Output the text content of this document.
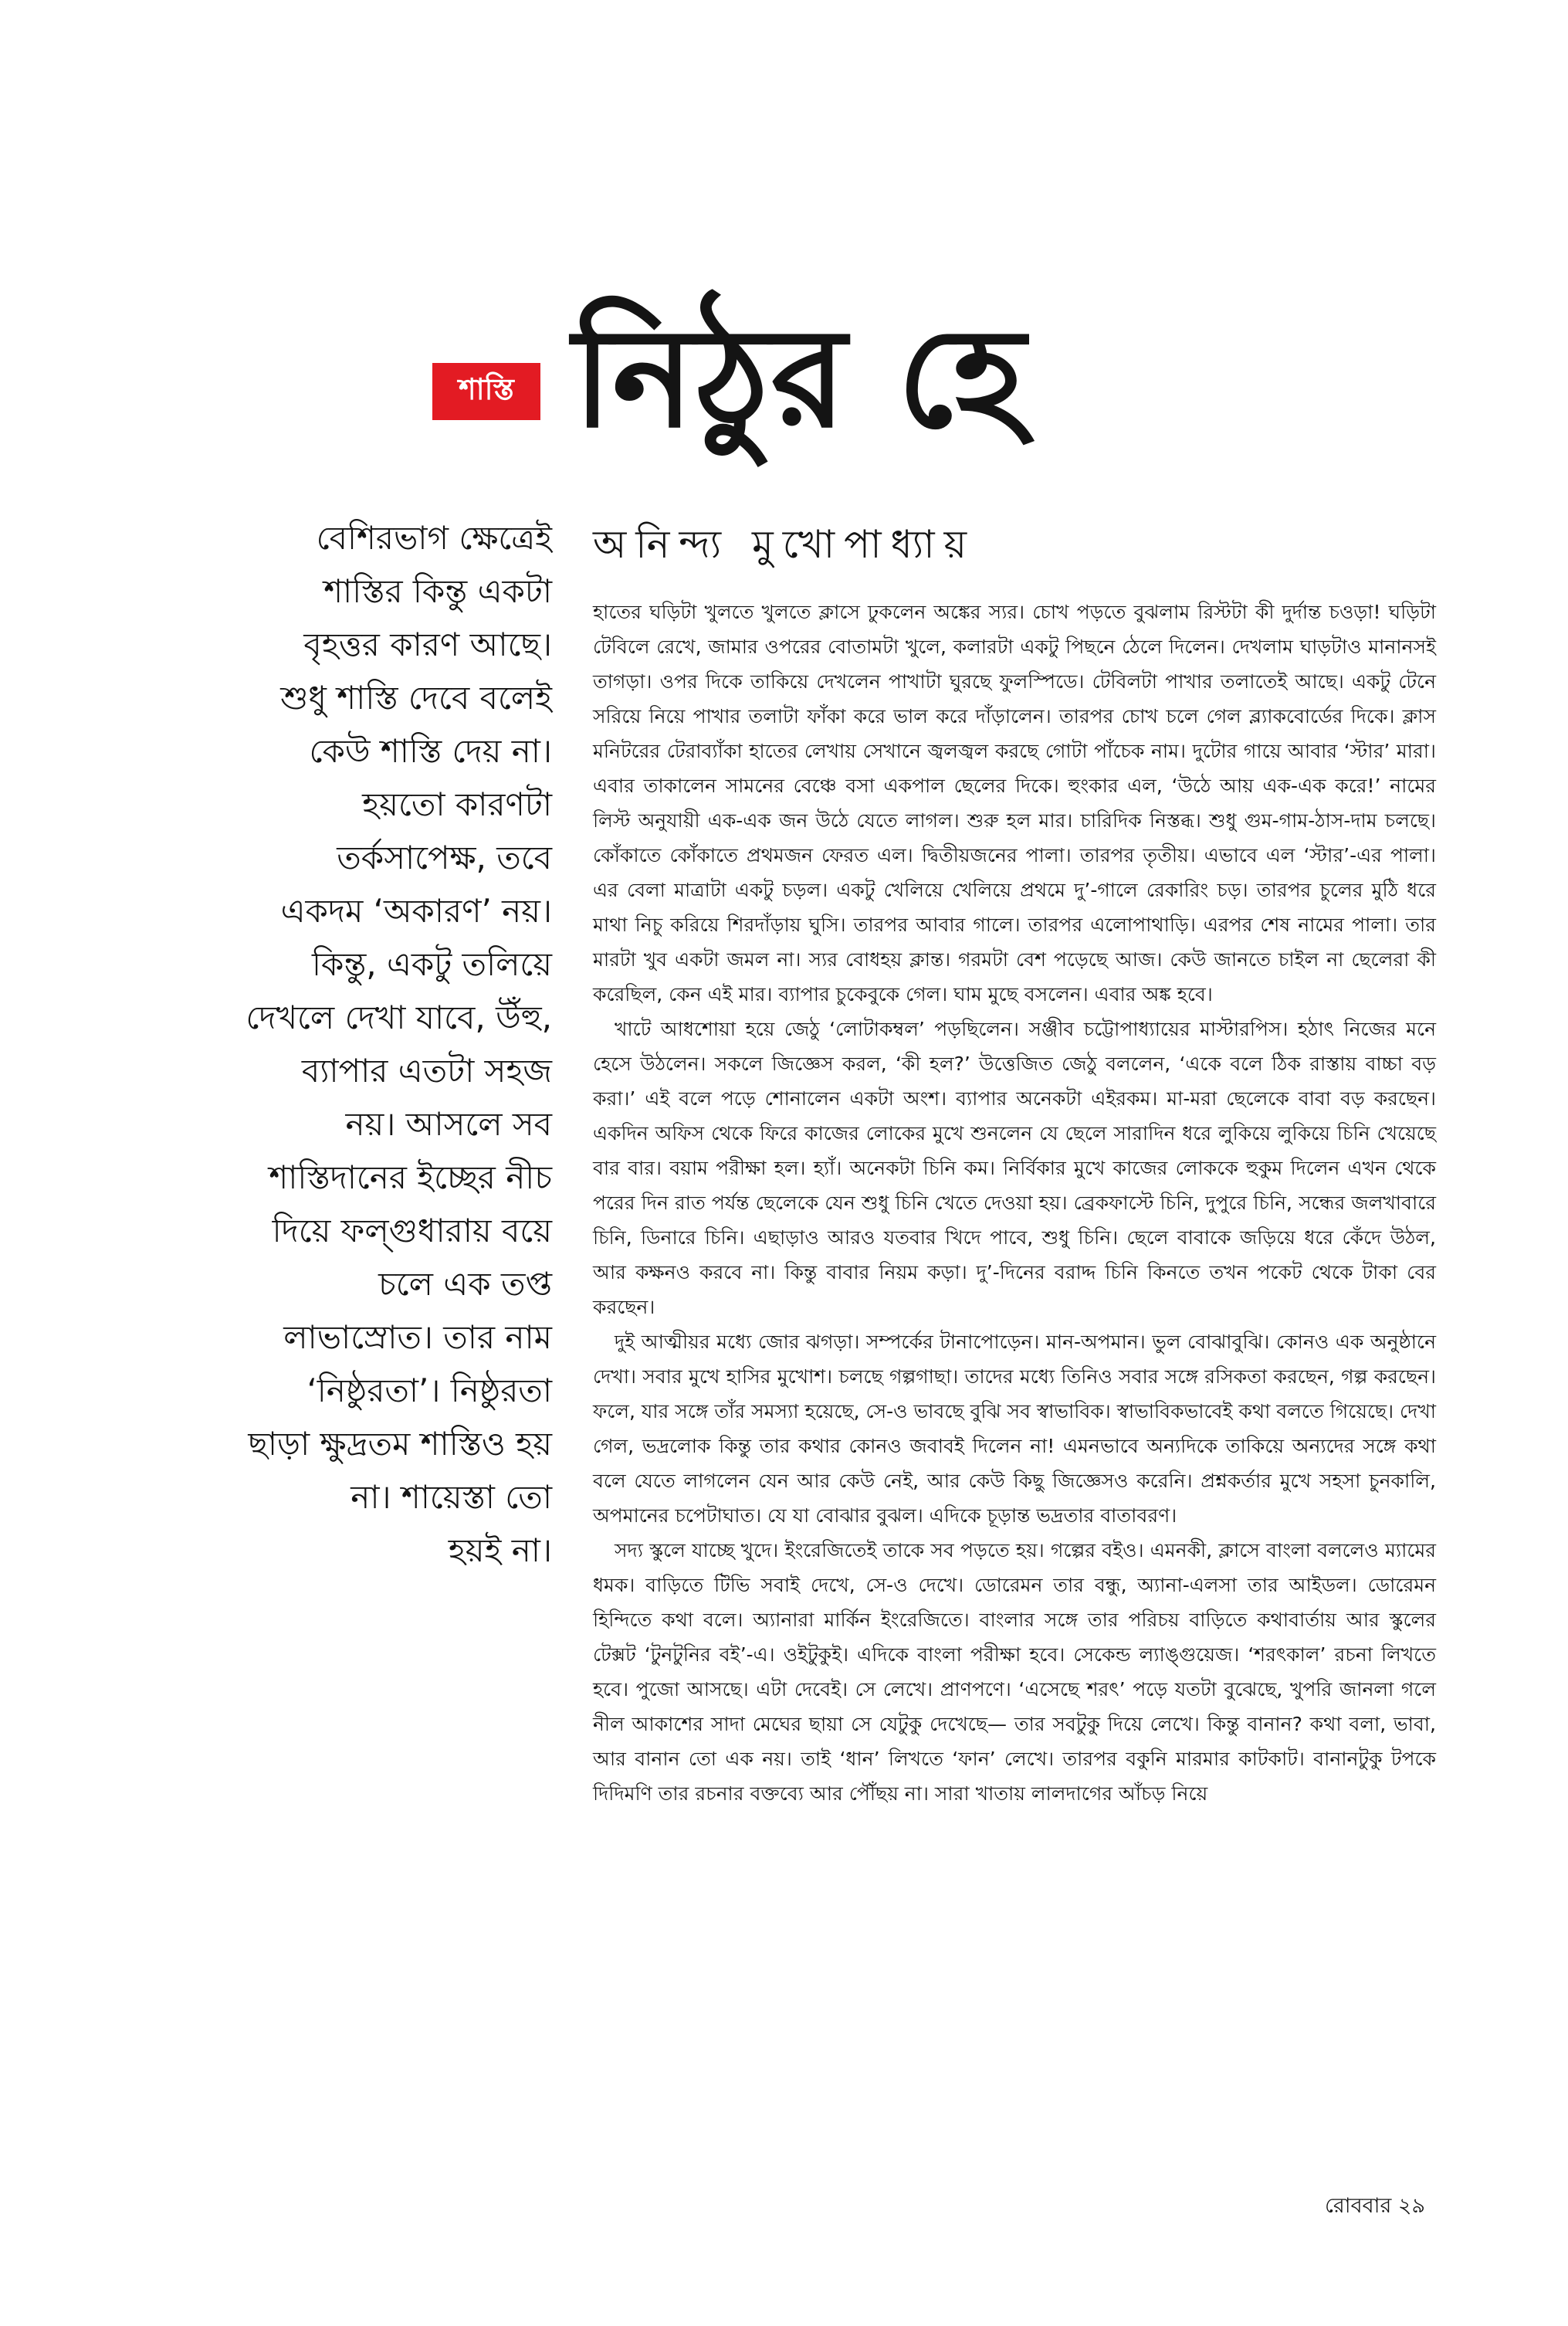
শাস্তি নিঠুর হে

অনিন্দ্য মুখোপাধ্যায়

বেশিরভাগ ক্ষেত্রেই
শাস্তির কিন্তু একটা
বৃহত্তর কারণ আছে।
শুধু শাস্তি দেবে বলেই
কেউ শাস্তি দেয় না।
হয়তো কারণটা
তর্কসাপেক্ষ, তবে
একদম ‘অকারণ’ নয়।
কিন্তু, একটু তলিয়ে
দেখলে দেখা যাবে, উঁহু,
ব্যাপার এতটা সহজ
নয়। আসলে সব
শাস্তিদানের ইচ্ছের নীচ
দিয়ে ফল্গুধারায় বয়ে
চলে এক তপ্ত
লাভাস্রোত। তার নাম
‘নিষ্ঠুরতা’। নিষ্ঠুরতা
ছাড়া ক্ষুদ্রতম শাস্তিও হয়
না। শায়েস্তা তো
হয়ই না।

হাতের ঘড়িটা খুলতে খুলতে ক্লাসে ঢুকলেন অঙ্কের স্যর। চোখ পড়তে বুঝলাম রিস্টটা কী দুর্দান্ত চওড়া! ঘড়িটা টেবিলে রেখে, জামার ওপরের বোতামটা খুলে, কলারটা একটু পিছনে ঠেলে দিলেন। দেখলাম ঘাড়টাও মানানসই তাগড়া। ওপর দিকে তাকিয়ে দেখলেন পাখাটা ঘুরছে ফুলস্পিডে। টেবিলটা পাখার তলাতেই আছে। একটু টেনে সরিয়ে নিয়ে পাখার তলাটা ফাঁকা করে ভাল করে দাঁড়ালেন। তারপর চোখ চলে গেল ব্ল্যাকবোর্ডের দিকে। ক্লাস মনিটরের টেরাব্যাঁকা হাতের লেখায় সেখানে জ্বলজ্বল করছে গোটা পাঁচেক নাম। দুটোর গায়ে আবার ‘স্টার’ মারা। এবার তাকালেন সামনের বেঞ্চে বসা একপাল ছেলের দিকে। হুংকার এল, ‘উঠে আয় এক-এক করে!’ নামের লিস্ট অনুযায়ী এক-এক জন উঠে যেতে লাগল। শুরু হল মার। চারিদিক নিস্তব্ধ। শুধু গুম-গাম-ঠাস-দাম চলছে। কোঁকাতে কোঁকাতে প্রথমজন ফেরত এল। দ্বিতীয়জনের পালা। তারপর তৃতীয়। এভাবে এল ‘স্টার’-এর পালা। এর বেলা মাত্রাটা একটু চড়ল। একটু খেলিয়ে খেলিয়ে প্রথমে দু’-গালে রেকারিং চড়। তারপর চুলের মুঠি ধরে মাথা নিচু করিয়ে শিরদাঁড়ায় ঘুসি। তারপর আবার গালে। তারপর এলোপাথাড়ি। এরপর শেষ নামের পালা। তার মারটা খুব একটা জমল না। স্যর বোধহয় ক্লান্ত। গরমটা বেশ পড়েছে আজ। কেউ জানতে চাইল না ছেলেরা কী করেছিল, কেন এই মার। ব্যাপার চুকেবুকে গেল। ঘাম মুছে বসলেন। এবার অঙ্ক হবে।

খাটে আধশোয়া হয়ে জেঠু ‘লোটাকম্বল’ পড়ছিলেন। সঞ্জীব চট্টোপাধ্যায়ের মাস্টারপিস। হঠাৎ নিজের মনে হেসে উঠলেন। সকলে জিজ্ঞেস করল, ‘কী হল?’ উত্তেজিত জেঠু বললেন, ‘একে বলে ঠিক রাস্তায় বাচ্চা বড় করা।’ এই বলে পড়ে শোনালেন একটা অংশ। ব্যাপার অনেকটা এইরকম। মা-মরা ছেলেকে বাবা বড় করছেন। একদিন অফিস থেকে ফিরে কাজের লোকের মুখে শুনলেন যে ছেলে সারাদিন ধরে লুকিয়ে লুকিয়ে চিনি খেয়েছে বার বার। বয়াম পরীক্ষা হল। হ্যাঁ। অনেকটা চিনি কম। নির্বিকার মুখে কাজের লোককে হুকুম দিলেন এখন থেকে পরের দিন রাত পর্যন্ত ছেলেকে যেন শুধু চিনি খেতে দেওয়া হয়। ব্রেকফাস্টে চিনি, দুপুরে চিনি, সন্ধের জলখাবারে চিনি, ডিনারে চিনি। এছাড়াও আরও যতবার খিদে পাবে, শুধু চিনি। ছেলে বাবাকে জড়িয়ে ধরে কেঁদে উঠল, আর কক্ষনও করবে না। কিন্তু বাবার নিয়ম কড়া। দু’-দিনের বরাদ্দ চিনি কিনতে তখন পকেট থেকে টাকা বের করছেন।

দুই আত্মীয়র মধ্যে জোর ঝগড়া। সম্পর্কের টানাপোড়েন। মান-অপমান। ভুল বোঝাবুঝি। কোনও এক অনুষ্ঠানে দেখা। সবার মুখে হাসির মুখোশ। চলছে গল্পগাছা। তাদের মধ্যে তিনিও সবার সঙ্গে রসিকতা করছেন, গল্প করছেন। ফলে, যার সঙ্গে তাঁর সমস্যা হয়েছে, সে-ও ভাবছে বুঝি সব স্বাভাবিক। স্বাভাবিকভাবেই কথা বলতে গিয়েছে। দেখা গেল, ভদ্রলোক কিন্তু তার কথার কোনও জবাবই দিলেন না! এমনভাবে অন্যদিকে তাকিয়ে অন্যদের সঙ্গে কথা বলে যেতে লাগলেন যেন আর কেউ নেই, আর কেউ কিছু জিজ্ঞেসও করেনি। প্রশ্নকর্তার মুখে সহসা চুনকালি, অপমানের চপেটাঘাত। যে যা বোঝার বুঝল। এদিকে চূড়ান্ত ভদ্রতার বাতাবরণ।

সদ্য স্কুলে যাচ্ছে খুদে। ইংরেজিতেই তাকে সব পড়তে হয়। গল্পের বইও। এমনকী, ক্লাসে বাংলা বললেও ম্যামের ধমক। বাড়িতে টিভি সবাই দেখে, সে-ও দেখে। ডোরেমন তার বন্ধু, অ্যানা-এলসা তার আইডল। ডোরেমন হিন্দিতে কথা বলে। অ্যানারা মার্কিন ইংরেজিতে। বাংলার সঙ্গে তার পরিচয় বাড়িতে কথাবার্তায় আর স্কুলের টেক্সট ‘টুনটুনির বই’-এ। ওইটুকুই। এদিকে বাংলা পরীক্ষা হবে। সেকেন্ড ল্যাঙ্গুয়েজ। ‘শরৎকাল’ রচনা লিখতে হবে। পুজো আসছে। এটা দেবেই। সে লেখে। প্রাণপণে। ‘এসেছে শরৎ’ পড়ে যতটা বুঝেছে, খুপরি জানলা গলে নীল আকাশের সাদা মেঘের ছায়া সে যেটুকু দেখেছে— তার সবটুকু দিয়ে লেখে। কিন্তু বানান? কথা বলা, ভাবা, আর বানান তো এক নয়। তাই ‘ধান’ লিখতে ‘ফান’ লেখে। তারপর বকুনি মারমার কাটকাট। বানানটুকু টপকে দিদিমণি তার রচনার বক্তব্যে আর পৌঁছয় না। সারা খাতায় লালদাগের আঁচড় নিয়ে

রোববার ২৯
